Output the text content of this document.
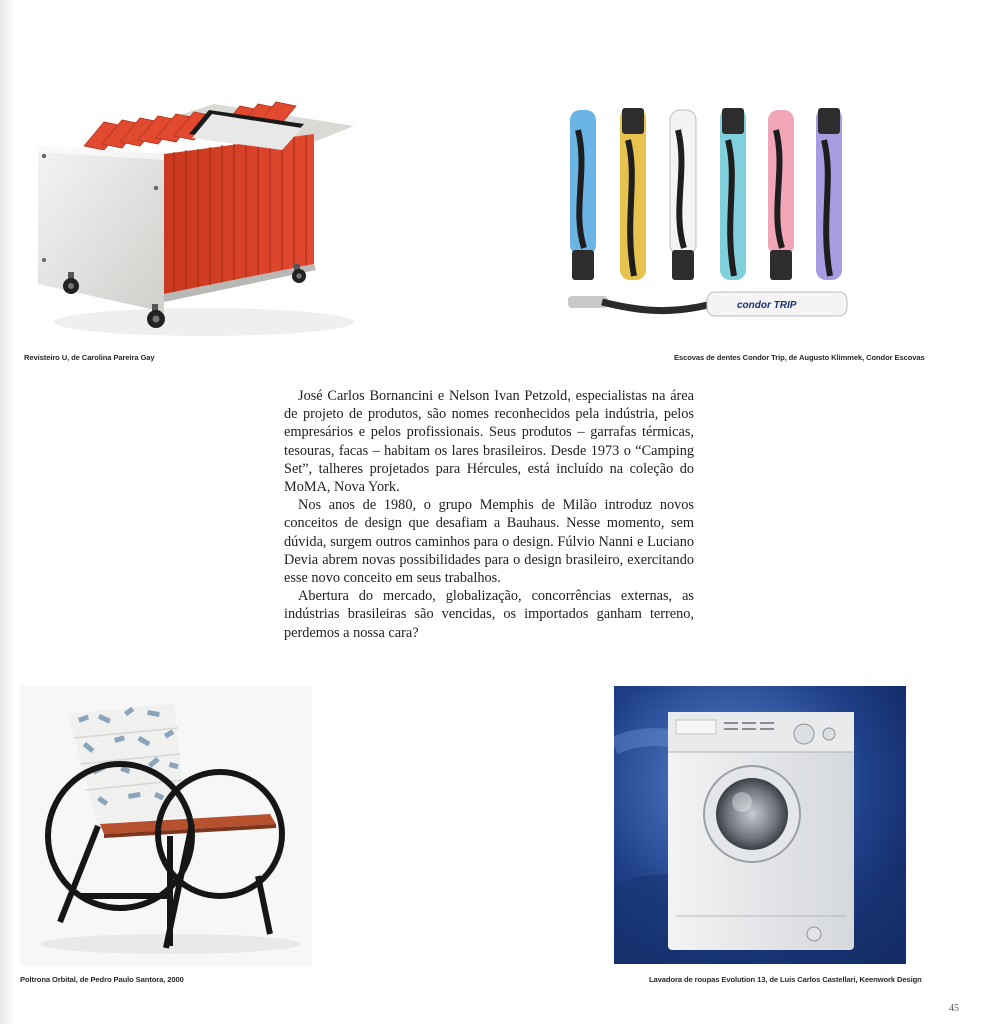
Revisteiro U, de Carolina Pareira Gay
condor TRIP
Escovas de dentes Condor Trip, de Augusto Klimmek, Condor Escovas

José Carlos Bornancini e Nelson Ivan Petzold, especialistas na área de projeto de produtos, são nomes reconhecidos pela indústria, pelos empresários e pelos profissionais. Seus produtos – garrafas térmicas, tesouras, facas – habitam os lares brasileiros. Desde 1973 o “Camping Set”, talheres projetados para Hércules, está incluído na coleção do MoMA, Nova York.

Nos anos de 1980, o grupo Memphis de Milão introduz novos conceitos de design que desafiam a Bauhaus. Nesse momento, sem dúvida, surgem outros caminhos para o design. Fúlvio Nanni e Luciano Devia abrem novas possibilidades para o design brasileiro, exercitando esse novo conceito em seus trabalhos.

Abertura do mercado, globalização, concorrências externas, as indústrias brasileiras são vencidas, os importados ganham terreno, perdemos a nossa cara?

Poltrona Orbital, de Pedro Paulo Santora, 2000	Lavadora de roupas Evolution 13, de Luis Carlos Castellari, Keenwork Design
45
